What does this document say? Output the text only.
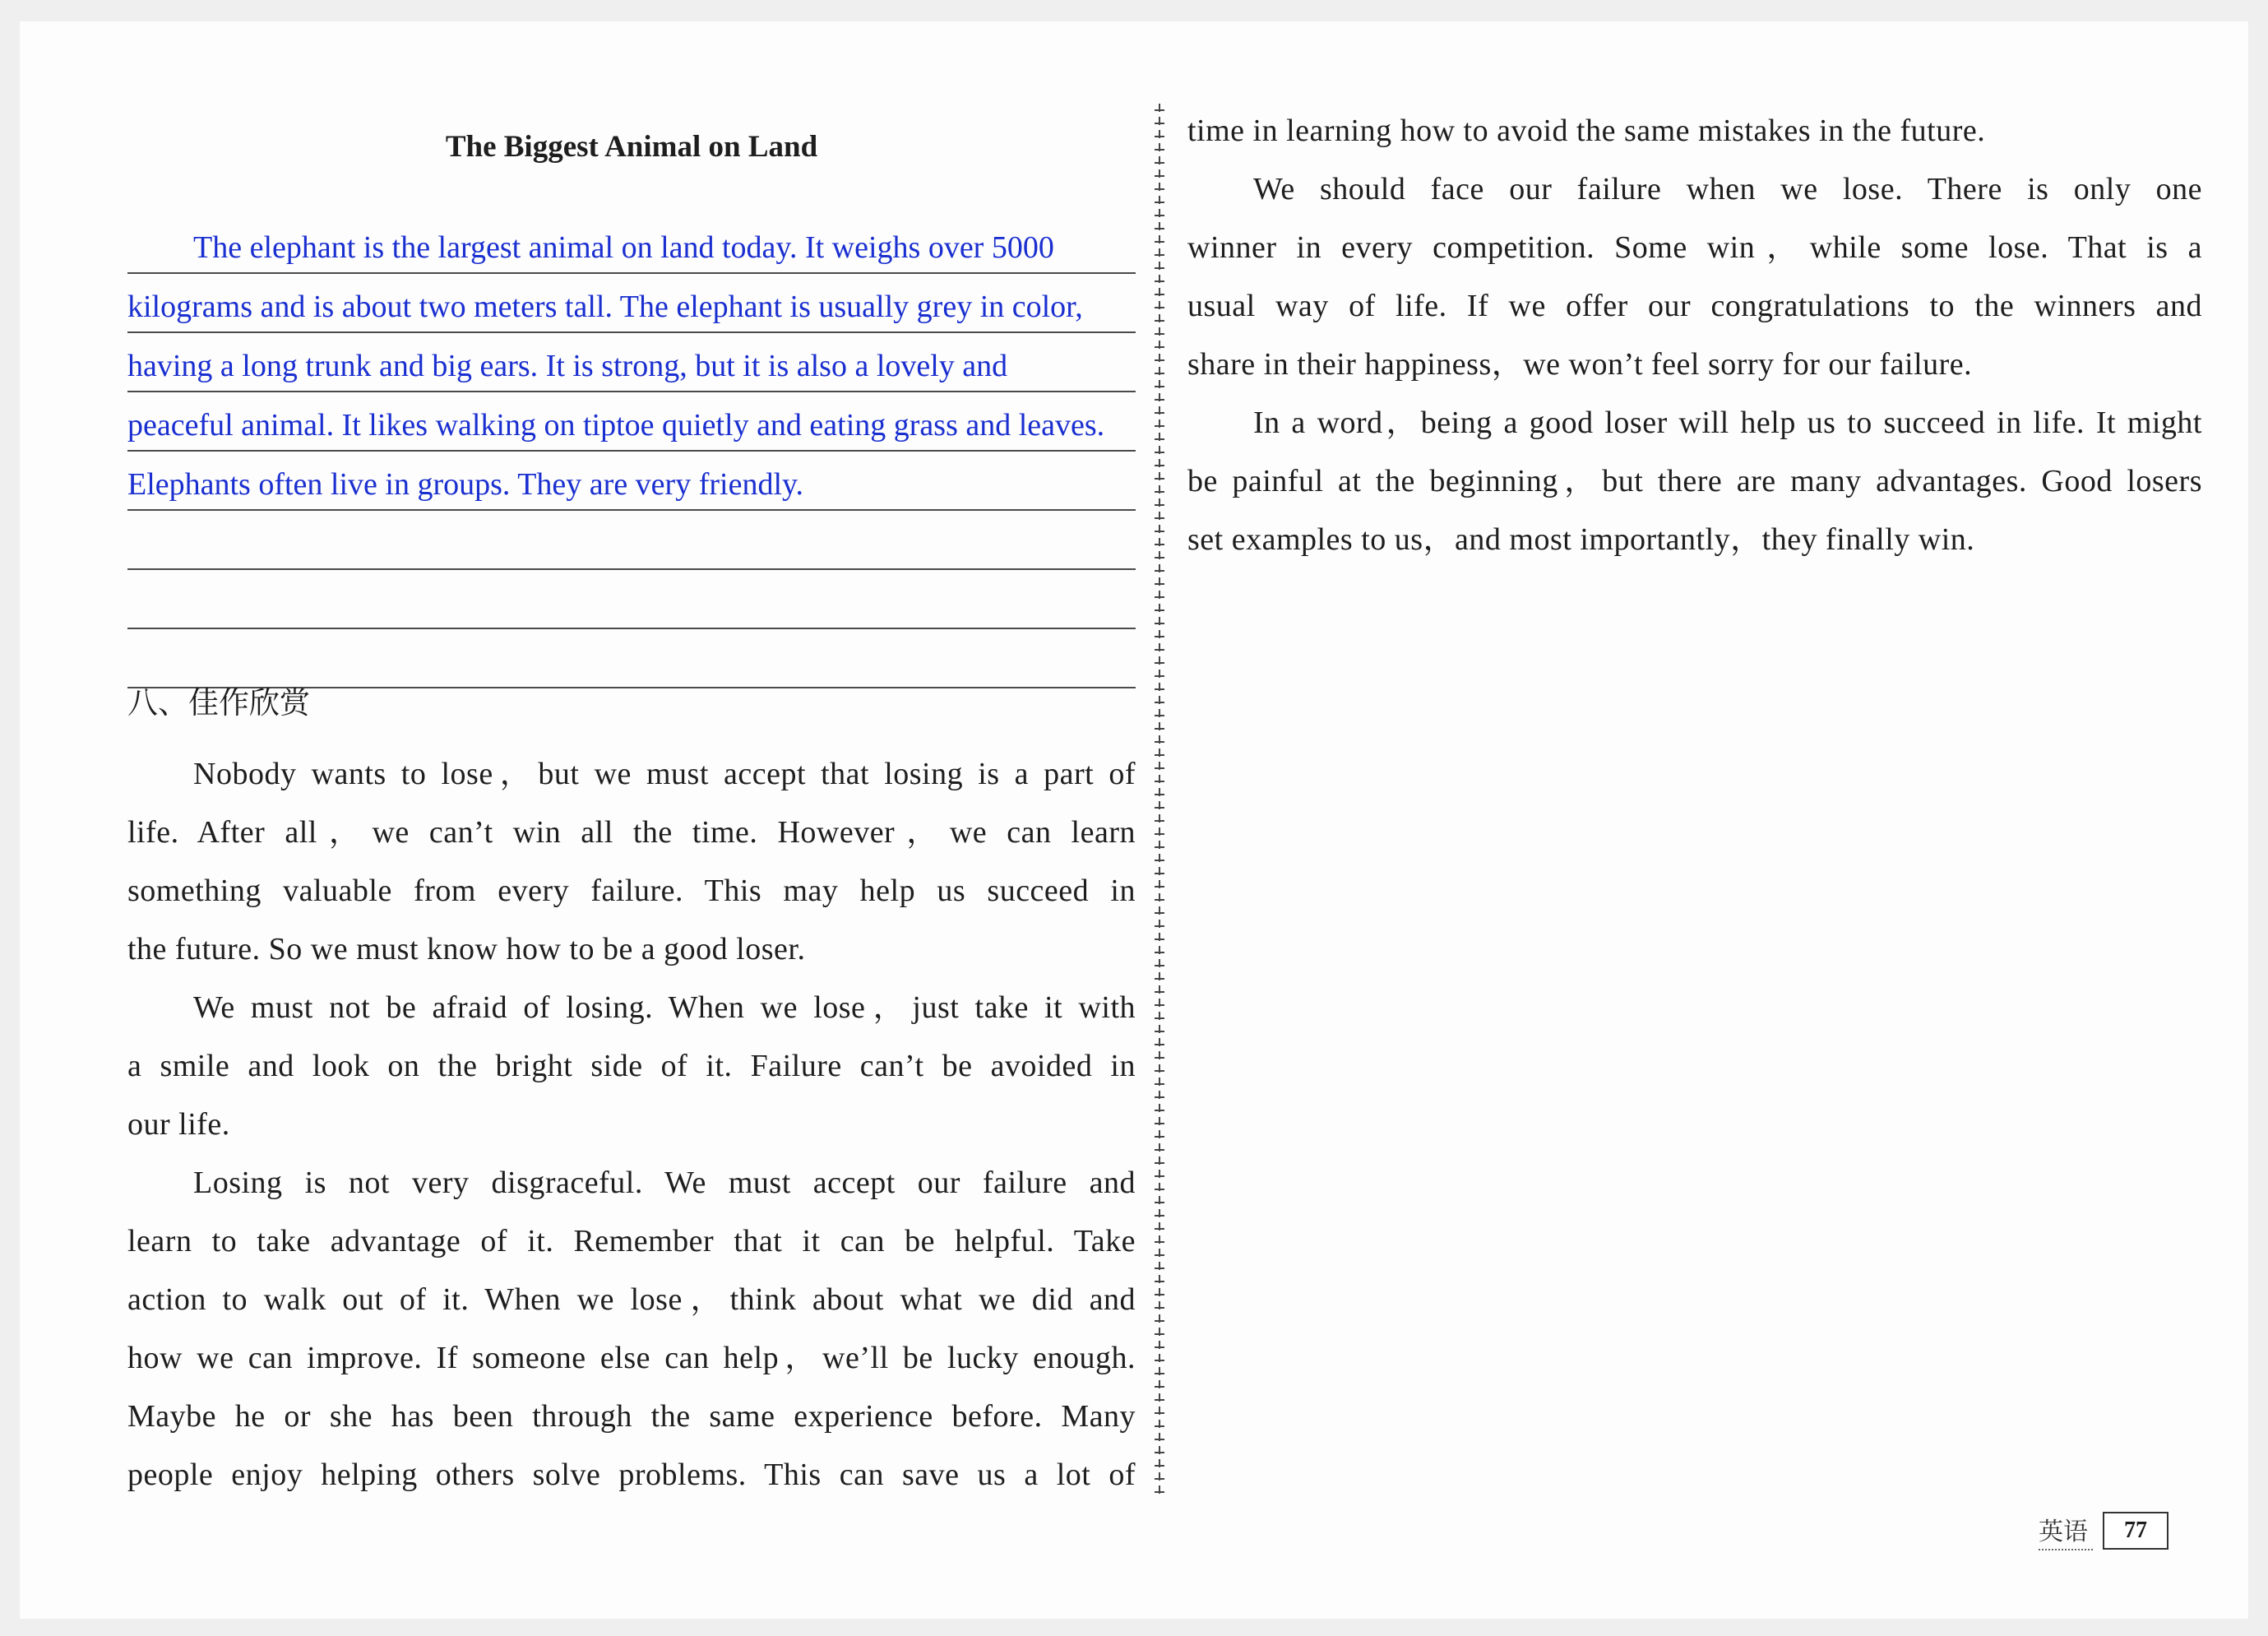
The Biggest Animal on Land
The elephant is the largest animal on land today. It weighs over 5000
kilograms and is about two meters tall. The elephant is usually grey in color,
having a long trunk and big ears. It is strong, but it is also a lovely and
peaceful animal. It likes walking on tiptoe quietly and eating grass and leaves.
Elephants often live in groups. They are very friendly.
八、佳作欣赏

Nobody wants to lose，but we must accept that losing is a part of

life. After all，we can’t win all the time. However，we can learn

something valuable from every failure. This may help us succeed in

the future. So we must know how to be a good loser.

We must not be afraid of losing. When we lose，just take it with

a smile and look on the bright side of it. Failure can’t be avoided in

our life.

Losing is not very disgraceful. We must accept our failure and

learn to take advantage of it. Remember that it can be helpful. Take

action to walk out of it. When we lose，think about what we did and

how we can improve. If someone else can help，we’ll be lucky enough.

Maybe he or she has been through the same experience before. Many

people enjoy helping others solve problems. This can save us a lot of

time in learning how to avoid the same mistakes in the future.

We should face our failure when we lose. There is only one

winner in every competition. Some win，while some lose. That is a

usual way of life. If we offer our congratulations to the winners and

share in their happiness，we won’t feel sorry for our failure.

In a word，being a good loser will help us to succeed in life. It might

be painful at the beginning，but there are many advantages. Good losers

set examples to us，and most importantly，they finally win.

英语	77
